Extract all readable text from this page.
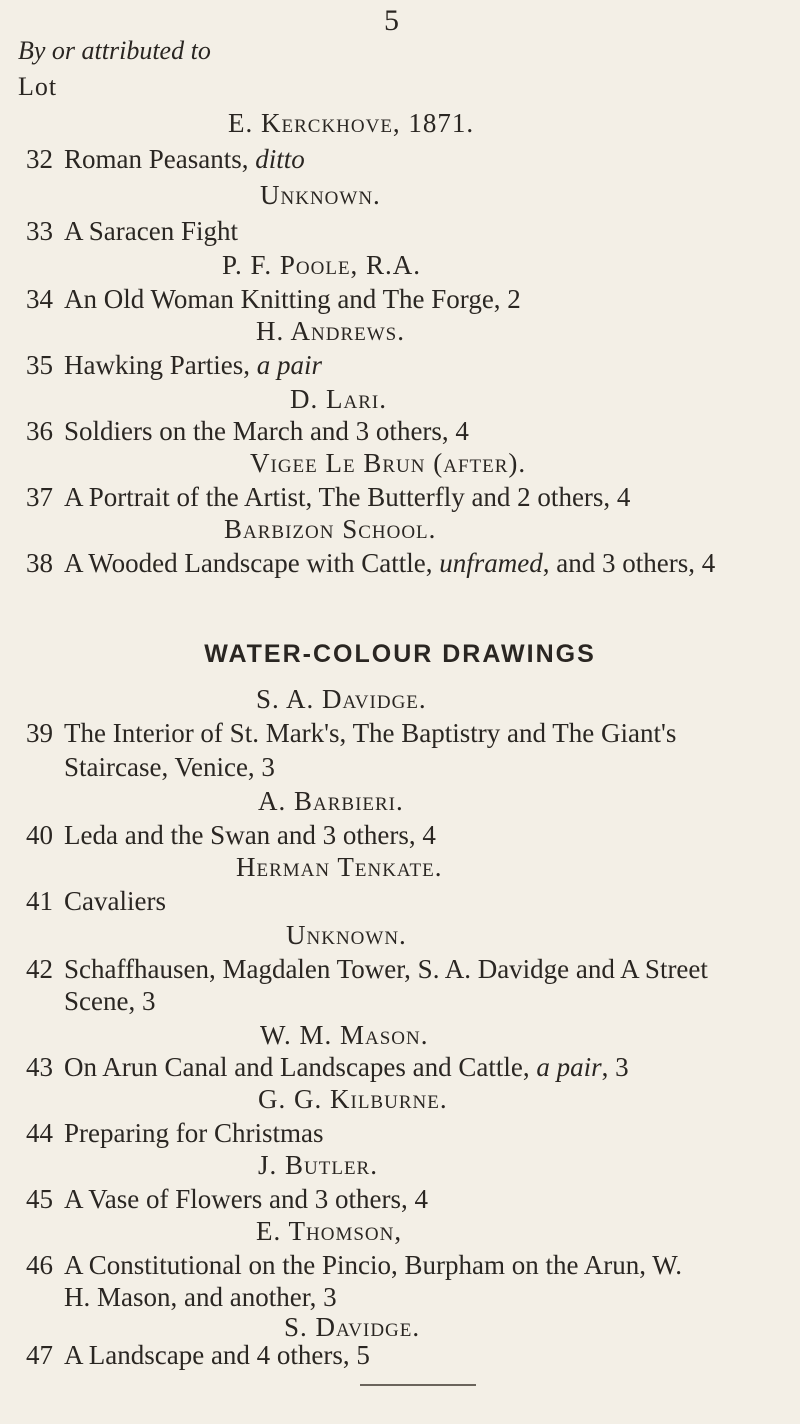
5
By or attributed to
Lot
E. Kerckhove, 1871.
32 Roman Peasants, ditto
Unknown.
33 A Saracen Fight
P. F. Poole, R.A.
34 An Old Woman Knitting and The Forge, 2
H. Andrews.
35 Hawking Parties, a pair
D. Lari.
36 Soldiers on the March and 3 others, 4
Vigee Le Brun (after).
37 A Portrait of the Artist, The Butterfly and 2 others, 4
Barbizon School.
38 A Wooded Landscape with Cattle, unframed, and 3 others, 4
WATER-COLOUR DRAWINGS
S. A. Davidge.
39 The Interior of St. Mark's, The Baptistry and The Giant's
Staircase, Venice, 3
A. Barbieri.
40 Leda and the Swan and 3 others, 4
Herman Tenkate.
41 Cavaliers
Unknown.
42 Schaffhausen, Magdalen Tower, S. A. Davidge and A Street
Scene, 3
W. M. Mason.
43 On Arun Canal and Landscapes and Cattle, a pair, 3
G. G. Kilburne.
44 Preparing for Christmas
J. Butler.
45 A Vase of Flowers and 3 others, 4
E. Thomson,
46 A Constitutional on the Pincio, Burpham on the Arun, W.
H. Mason, and another, 3
S. Davidge.
47 A Landscape and 4 others, 5
